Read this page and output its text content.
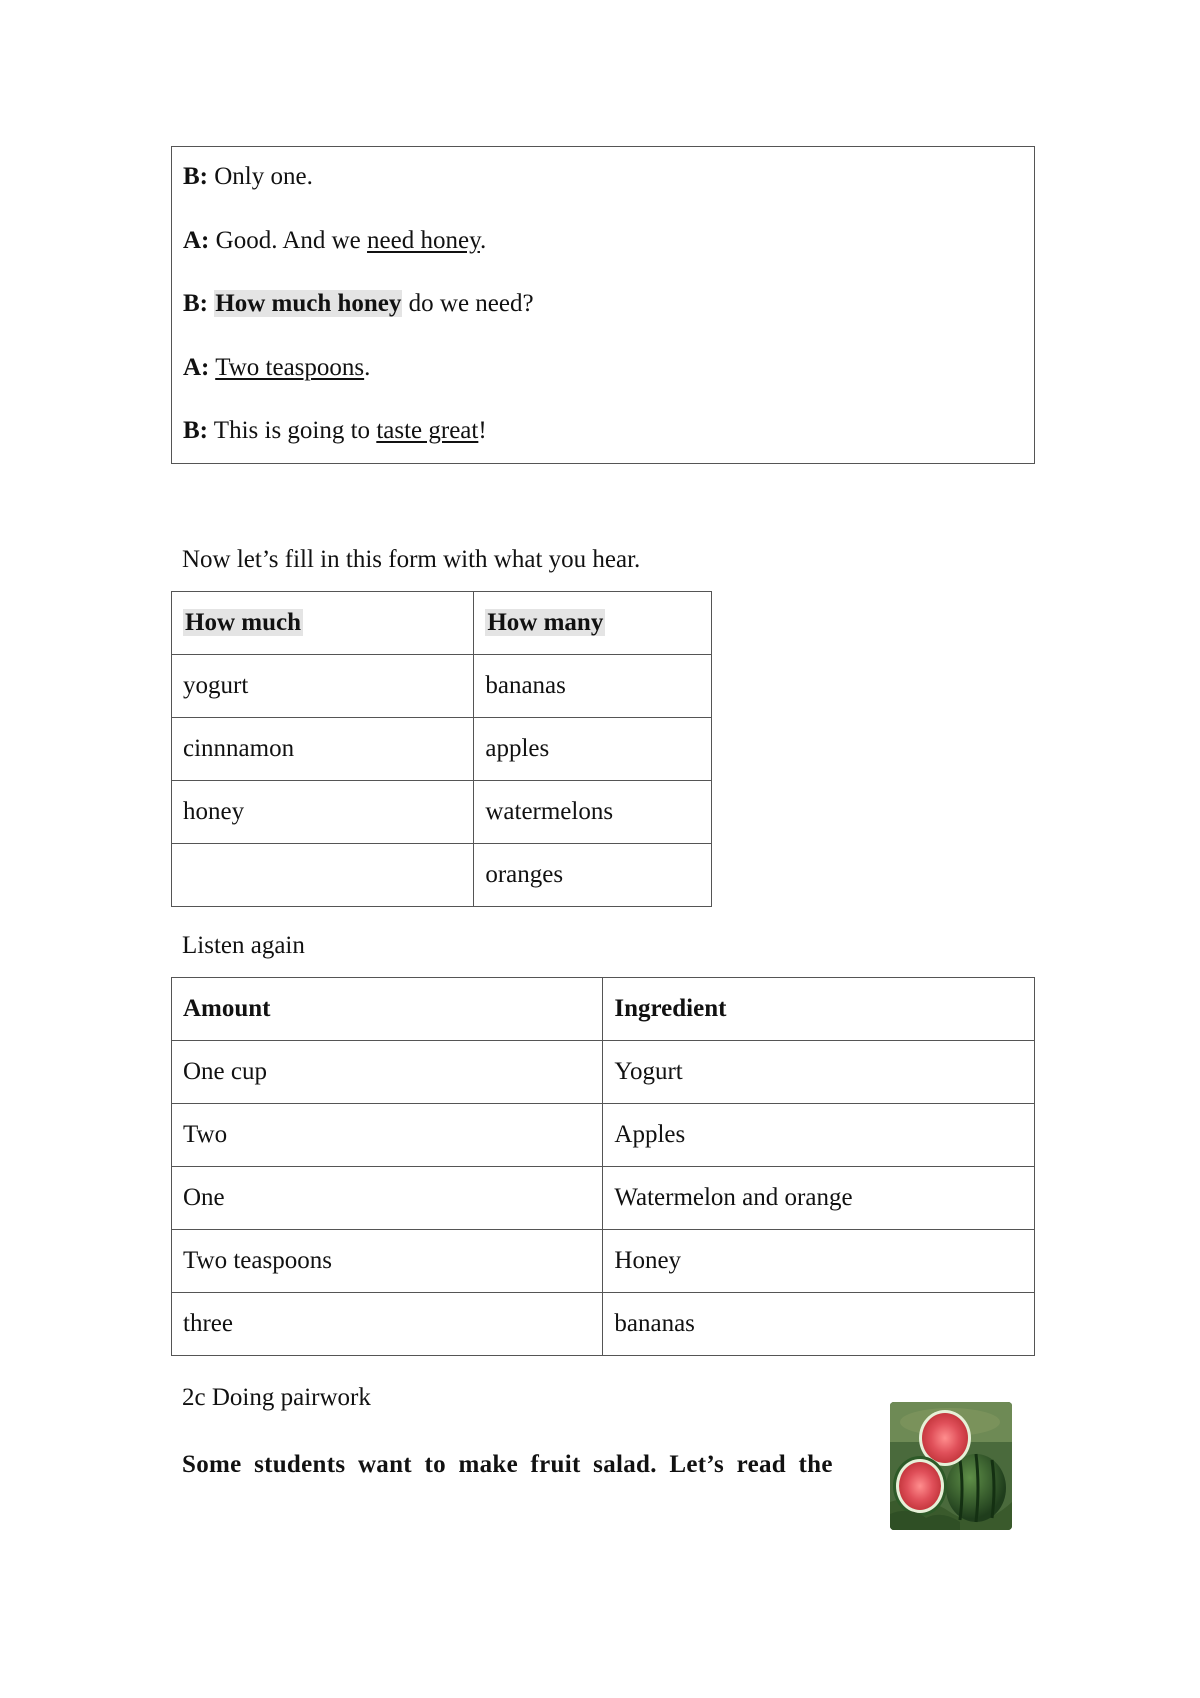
B: Only one.
A: Good. And we need honey.
B: How much honey do we need?
A: Two teaspoons.
B: This is going to taste great!
Now let’s fill in this form with what you hear.
How much	How many
yogurt	bananas
cinnnamon	apples
honey	watermelons
	oranges
Listen again
Amount	Ingredient
One cup	Yogurt
Two	Apples
One	Watermelon and orange
Two teaspoons	Honey
three	bananas
2c Doing pairwork
Some students want to make fruit salad. Let’s read the
